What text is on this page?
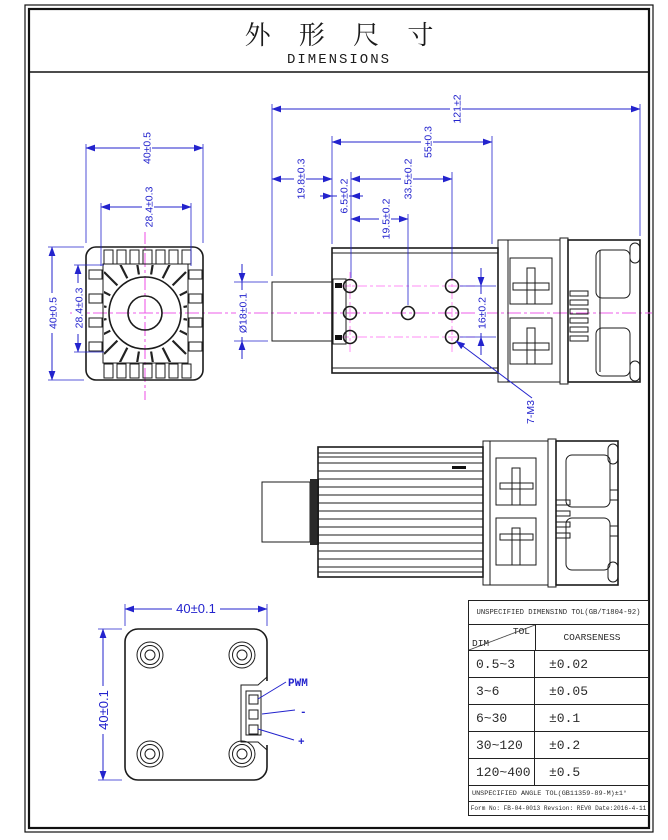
外 形 尺 寸
DIMENSIONS
40±0.5
28.4±0.3
40±0.5 28.4±0.3
121±2
55±0.3
19.8±0.3	33.5±0.2
6.5±0.2
19.5±0.2
Ø18±0.1	16±0.2
7-M3
PWM
-
+
40±0.1
40±0.1
UNSPECIFIED DIMENSIND TOL(GB/T1804-92)
TOL
DIM
COARSENESS
0.5~3	±0.02
3~6	±0.05
6~30	±0.1
30~120	±0.2
120~400	±0.5
UNSPECIFIED ANGLE TOL(GB11359-89-M)±1°
Form No: FB-04-0013 Revsion: REV0 Date:2016-4-11
